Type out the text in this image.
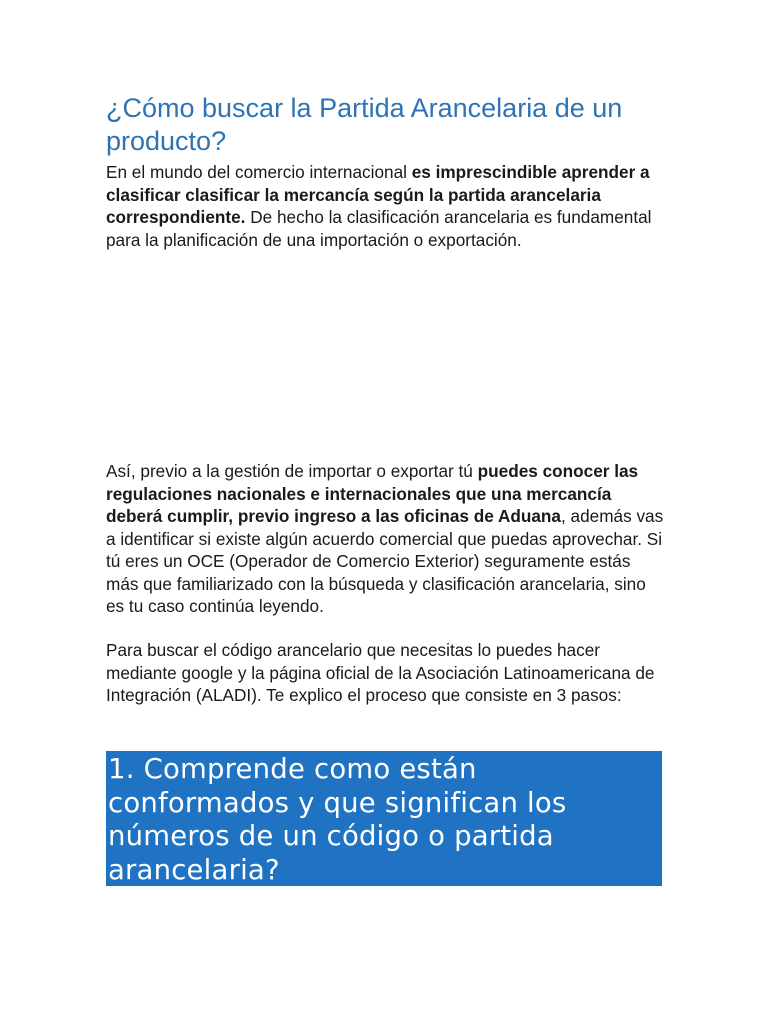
¿Cómo buscar la Partida Arancelaria de un producto?

En el mundo del comercio internacional es imprescindible aprender a clasificar clasificar la mercancía según la partida arancelaria correspondiente. De hecho la clasificación arancelaria es fundamental para la planificación de una importación o exportación.

Así, previo a la gestión de importar o exportar tú puedes conocer las regulaciones nacionales e internacionales que una mercancía deberá cumplir, previo ingreso a las oficinas de Aduana, además vas a identificar si existe algún acuerdo comercial que puedas aprovechar. Si tú eres un OCE (Operador de Comercio Exterior) seguramente estás más que familiarizado con la búsqueda y clasificación arancelaria, sino es tu caso continúa leyendo.

Para buscar el código arancelario que necesitas lo puedes hacer mediante google y la página oficial de la Asociación Latinoamericana de Integración (ALADI). Te explico el proceso que consiste en 3 pasos:

1. Comprende como están conformados y que significan los números de un código o partida arancelaria?
